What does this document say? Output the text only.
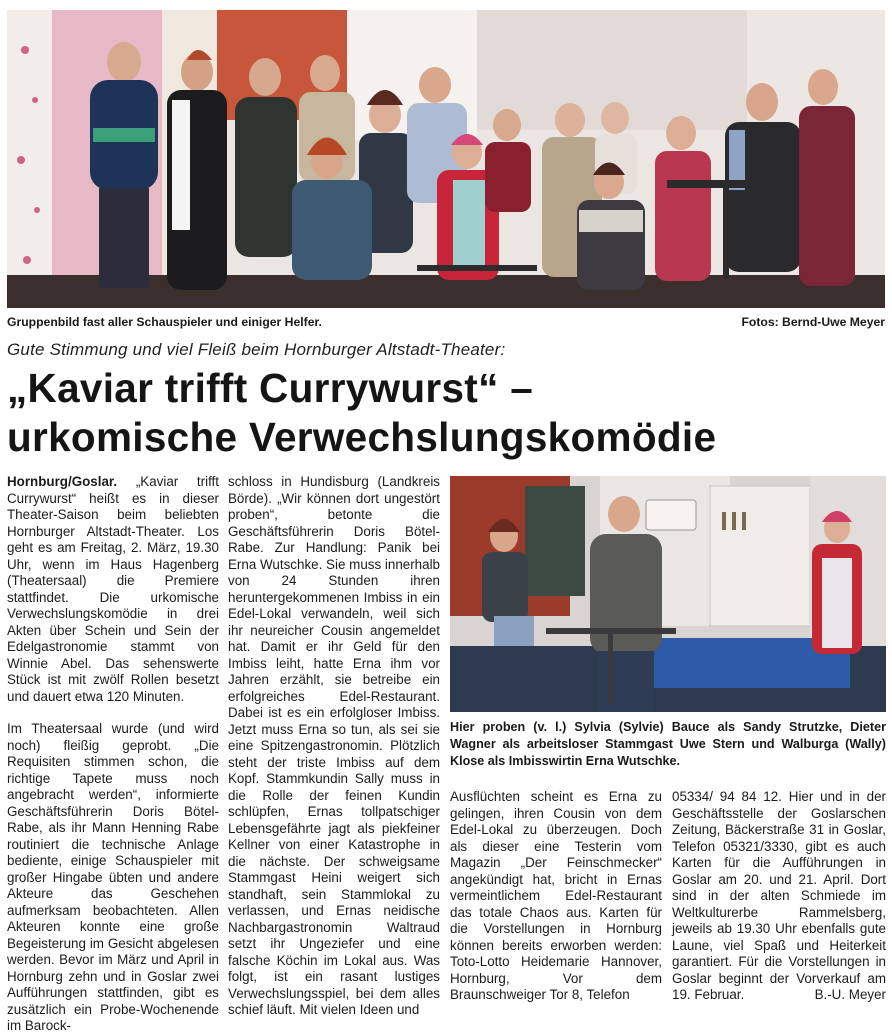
Gruppenbild fast aller Schauspieler und einiger Helfer.	Fotos: Bernd-Uwe Meyer
Gute Stimmung und viel Fleiß beim Hornburger Altstadt-Theater:
„Kaviar trifft Currywurst“ –
urkomische Verwechslungskomödie

Hornburg/Goslar. „Kaviar trifft Currywurst“ heißt es in dieser Theater-Saison beim beliebten Hornburger Altstadt-Theater. Los geht es am Freitag, 2. März, 19.30 Uhr, wenn im Haus Hagenberg (Theatersaal) die Premiere stattfindet. Die urkomische Verwechslungskomödie in drei Akten über Schein und Sein der Edelgastronomie stammt von Winnie Abel. Das sehenswerte Stück ist mit zwölf Rollen besetzt und dauert etwa 120 Minuten.

Im Theatersaal wurde (und wird noch) fleißig geprobt. „Die Requisiten stimmen schon, die richtige Tapete muss noch angebracht werden“, informierte Geschäftsführerin Doris Bötel-Rabe, als ihr Mann Henning Rabe routiniert die technische Anlage bediente, einige Schauspieler mit großer Hingabe übten und andere Akteure das Geschehen aufmerksam beobachteten. Allen Akteuren konnte eine große Begeisterung im Gesicht abgelesen werden. Bevor im März und April in Hornburg zehn und in Goslar zwei Aufführungen stattfinden, gibt es zusätzlich ein Probe-Wochenende im Barock-

schloss in Hundisburg (Landkreis Börde). „Wir können dort ungestört proben“, betonte die Geschäftsführerin Doris Bötel-Rabe. Zur Handlung: Panik bei Erna Wutschke. Sie muss innerhalb von 24 Stunden ihren heruntergekommenen Imbiss in ein Edel-Lokal verwandeln, weil sich ihr neureicher Cousin angemeldet hat. Damit er ihr Geld für den Imbiss leiht, hatte Erna ihm vor Jahren erzählt, sie betreibe ein erfolgreiches Edel-Restaurant. Dabei ist es ein erfolgloser Imbiss. Jetzt muss Erna so tun, als sei sie eine Spitzengastronomin. Plötzlich steht der triste Imbiss auf dem Kopf. Stammkundin Sally muss in die Rolle der feinen Kundin schlüpfen, Ernas tollpatschiger Lebensgefährte jagt als piekfeiner Kellner von einer Katastrophe in die nächste. Der schweigsame Stammgast Heini weigert sich standhaft, sein Stammlokal zu verlassen, und Ernas neidische Nachbargastronomin Waltraud setzt ihr Ungeziefer und eine falsche Köchin im Lokal aus. Was folgt, ist ein rasant lustiges Verwechslungsspiel, bei dem alles schief läuft. Mit vielen Ideen und

Hier proben (v. l.) Sylvia (Sylvie) Bauce als Sandy Strutzke, Dieter Wagner als arbeitsloser Stammgast Uwe Stern und Walburga (Wally) Klose als Imbisswirtin Erna Wutschke.

Ausflüchten scheint es Erna zu gelingen, ihren Cousin von dem Edel-Lokal zu überzeugen. Doch als dieser eine Testerin vom Magazin „Der Feinschmecker“ angekündigt hat, bricht in Ernas vermeintlichem Edel-Restaurant das totale Chaos aus. Karten für die Vorstellungen in Hornburg können bereits erworben werden: Toto-Lotto Heidemarie Hannover, Hornburg, Vor dem Braunschweiger Tor 8, Telefon

05334/ 94 84 12. Hier und in der Geschäftsstelle der Goslarschen Zeitung, Bäckerstraße 31 in Goslar, Telefon 05321/3330, gibt es auch Karten für die Aufführungen in Goslar am 20. und 21. April. Dort sind in der alten Schmiede im Weltkulturerbe Rammelsberg, jeweils ab 19.30 Uhr ebenfalls gute Laune, viel Spaß und Heiterkeit garantiert. Für die Vorstellungen in Goslar beginnt der Vorverkauf am 19. Februar.	B.-U. Meyer
